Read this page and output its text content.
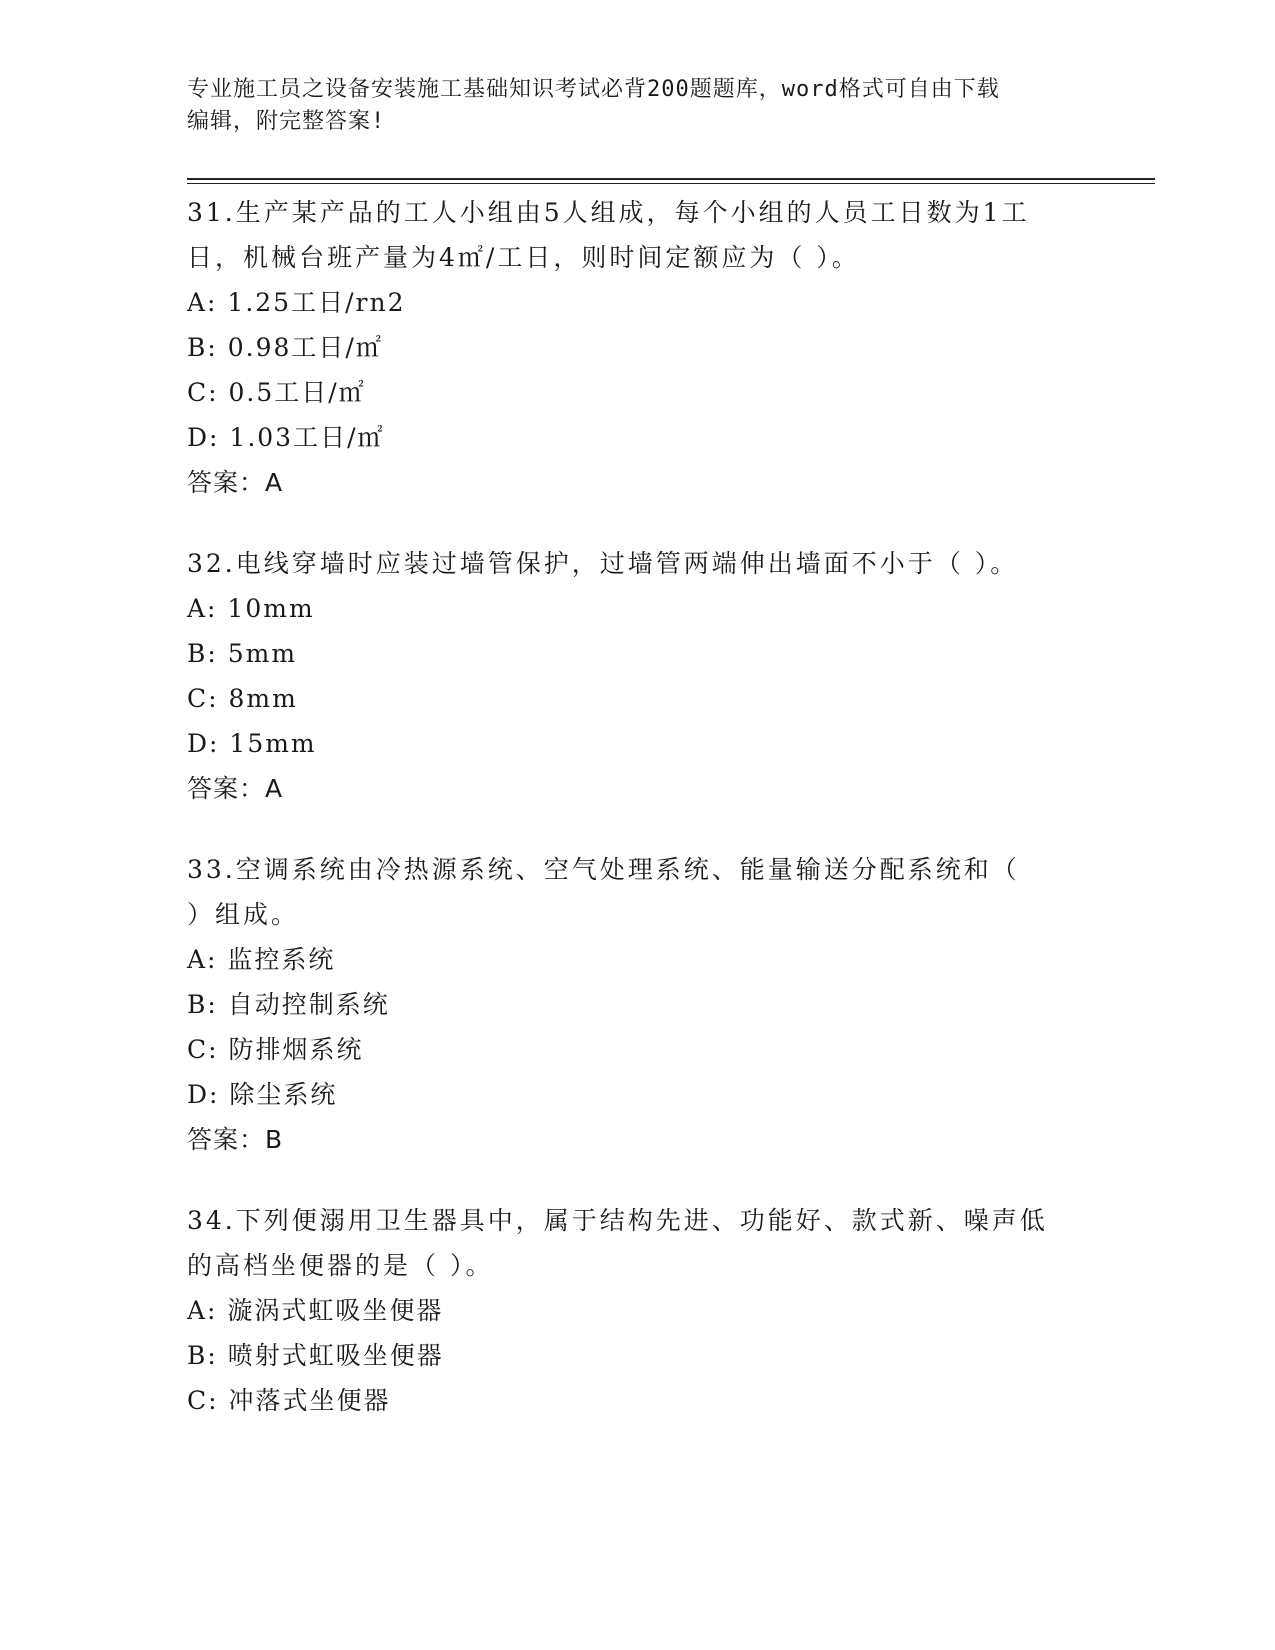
专业施工员之设备安装施工基础知识考试必背200题题库，word格式可自由下载
编辑，附完整答案!

31.生产某产品的工人小组由5人组成，每个小组的人员工日数为1工

日，机械台班产量为4㎡/工日，则时间定额应为（ ）。

A: 1.25工日/rn2

B: 0.98工日/㎡

C: 0.5工日/㎡

D: 1.03工日/㎡

答案：A

32.电线穿墙时应装过墙管保护，过墙管两端伸出墙面不小于（ ）。

A: 10mm

B: 5mm

C: 8mm

D: 15mm

答案：A

33.空调系统由冷热源系统、空气处理系统、能量输送分配系统和（

）组成。

A: 监控系统

B: 自动控制系统

C: 防排烟系统

D: 除尘系统

答案：B

34.下列便溺用卫生器具中，属于结构先进、功能好、款式新、噪声低

的高档坐便器的是（ ）。

A: 漩涡式虹吸坐便器

B: 喷射式虹吸坐便器

C: 冲落式坐便器
